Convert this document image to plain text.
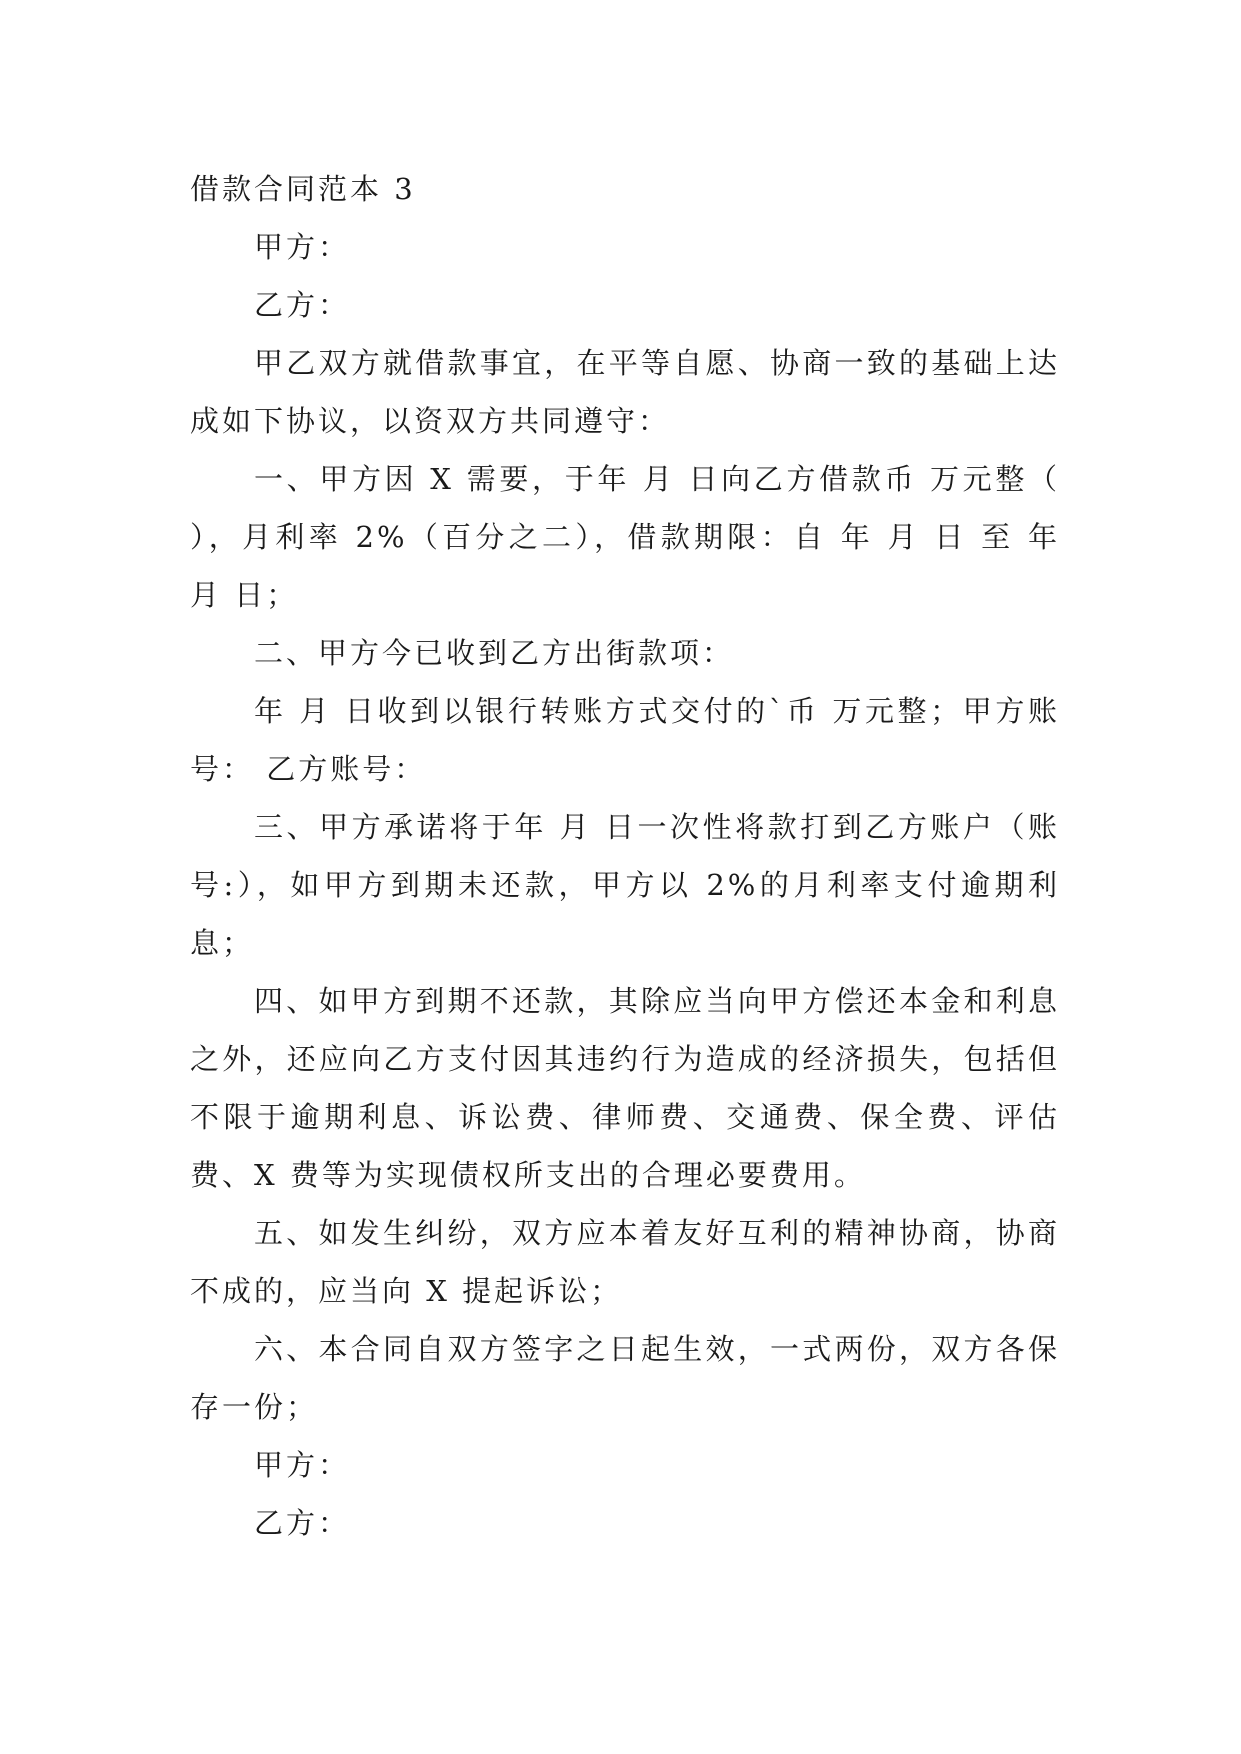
借款合同范本 3
甲方：
乙方：
甲乙双方就借款事宜，在平等自愿、协商一致的基础上达成如下协议，以资双方共同遵守：
一、甲方因 X 需要，于年 月 日向乙方借款币 万元整（ ），月利率 2%（百分之二），借款期限：自 年 月 日 至 年 月 日；
二、甲方今已收到乙方出街款项：
年 月 日收到以银行转账方式交付的`币 万元整；甲方账号： 乙方账号：
三、甲方承诺将于年 月 日一次性将款打到乙方账户（账号:），如甲方到期未还款，甲方以 2%的月利率支付逾期利息；
四、如甲方到期不还款，其除应当向甲方偿还本金和利息之外，还应向乙方支付因其违约行为造成的经济损失，包括但不限于逾期利息、诉讼费、律师费、交通费、保全费、评估费、X 费等为实现债权所支出的合理必要费用。
五、如发生纠纷，双方应本着友好互利的精神协商，协商不成的，应当向 X 提起诉讼；
六、本合同自双方签字之日起生效，一式两份，双方各保存一份；
甲方：
乙方：
